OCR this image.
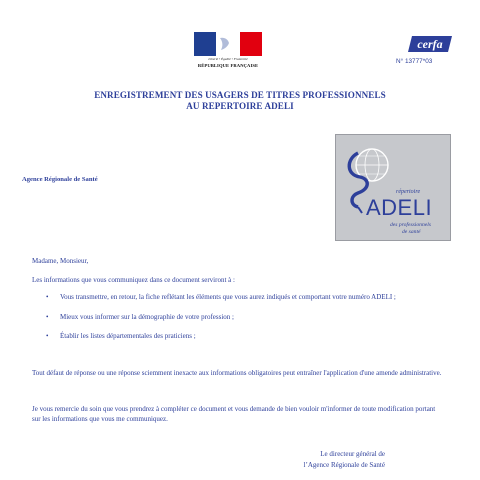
Liberté • Égalité • Fraternité
RÉPUBLIQUE FRANÇAISE
cerfa
N° 13777*03
ENREGISTREMENT DES USAGERS DE TITRES PROFESSIONNELS
AU REPERTOIRE ADELI
Agence Régionale de Santé
répertoire
ADELI
des professionnels
de santé
Madame, Monsieur,
Les informations que vous communiquez dans ce document serviront à :
• Vous transmettre, en retour, la fiche reflétant les éléments que vous aurez indiqués et comportant votre numéro ADELI ;
• Mieux vous informer sur la démographie de votre profession ;
• Établir les listes départementales des praticiens ;
Tout défaut de réponse ou une réponse sciemment inexacte aux informations obligatoires peut entraîner l'application d'une amende administrative.
Je vous remercie du soin que vous prendrez à compléter ce document et vous demande de bien vouloir m'informer de toute modification portant sur les informations que vous me communiquez.
Le directeur général de
l’Agence Régionale de Santé
